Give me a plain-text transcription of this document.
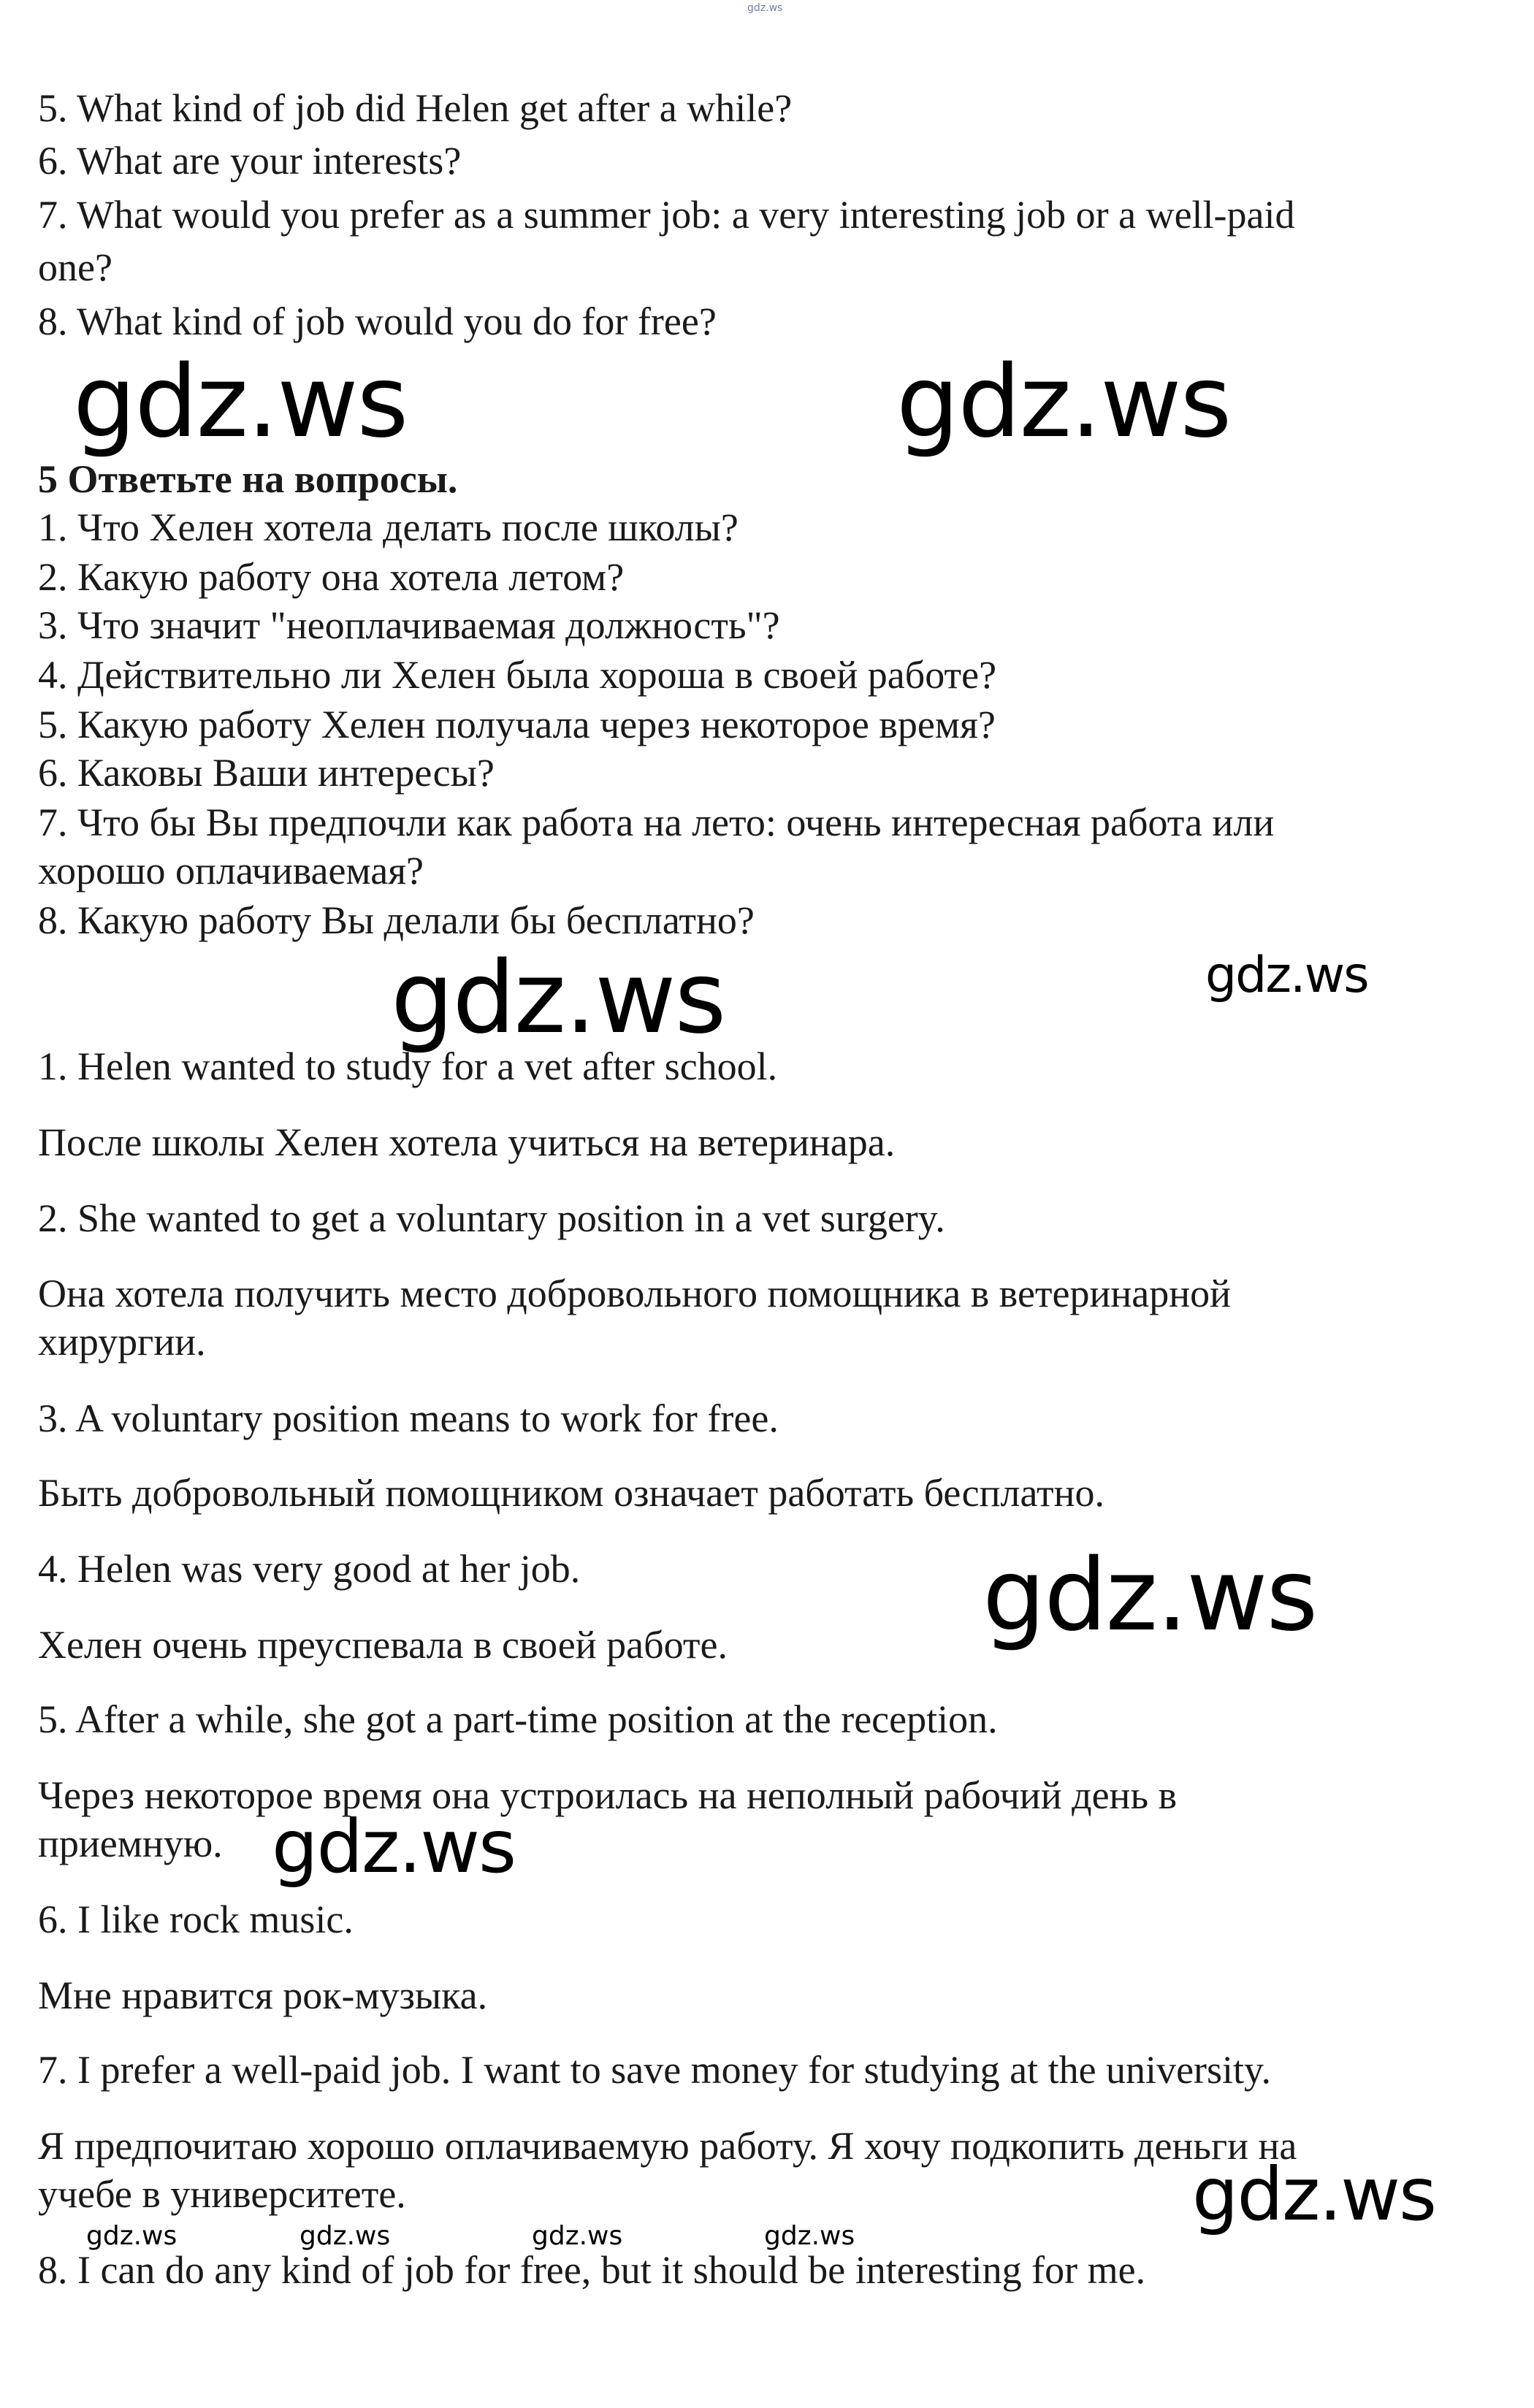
gdz.ws
5. What kind of job did Helen get after a while?
6. What are your interests?
7. What would you prefer as a summer job: a very interesting job or a well-paid
one?
8. What kind of job would you do for free?
gdz.ws	gdz.ws
5 Ответьте на вопросы.
1. Что Хелен хотела делать после школы?
2. Какую работу она хотела летом?
3. Что значит "неоплачиваемая должность"?
4. Действительно ли Хелен была хороша в своей работе?
5. Какую работу Хелен получала через некоторое время?
6. Каковы Ваши интересы?
7. Что бы Вы предпочли как работа на лето: очень интересная работа или
хорошо оплачиваемая?
8. Какую работу Вы делали бы бесплатно?
gdz.ws	gdz.ws
1. Helen wanted to study for a vet after school.
После школы Хелен хотела учиться на ветеринара.
2. She wanted to get a voluntary position in a vet surgery.
Она хотела получить место добровольного помощника в ветеринарной
хирургии.
3. A voluntary position means to work for free.
Быть добровольный помощником означает работать бесплатно.
4. Helen was very good at her job.	gdz.ws
Хелен очень преуспевала в своей работе.
5. After a while, she got a part-time position at the reception.
Через некоторое время она устроилась на неполный рабочий день в
приемную. gdz.ws
6. I like rock music.
Мне нравится рок-музыка.
7. I prefer a well-paid job. I want to save money for studying at the university.
Я предпочитаю хорошо оплачиваемую работу. Я хочу подкопить деньги на
учебе в университете.	gdz.ws
gdz.ws	gdz.ws	gdz.ws	gdz.ws
8. I can do any kind of job for free, but it should be interesting for me.
